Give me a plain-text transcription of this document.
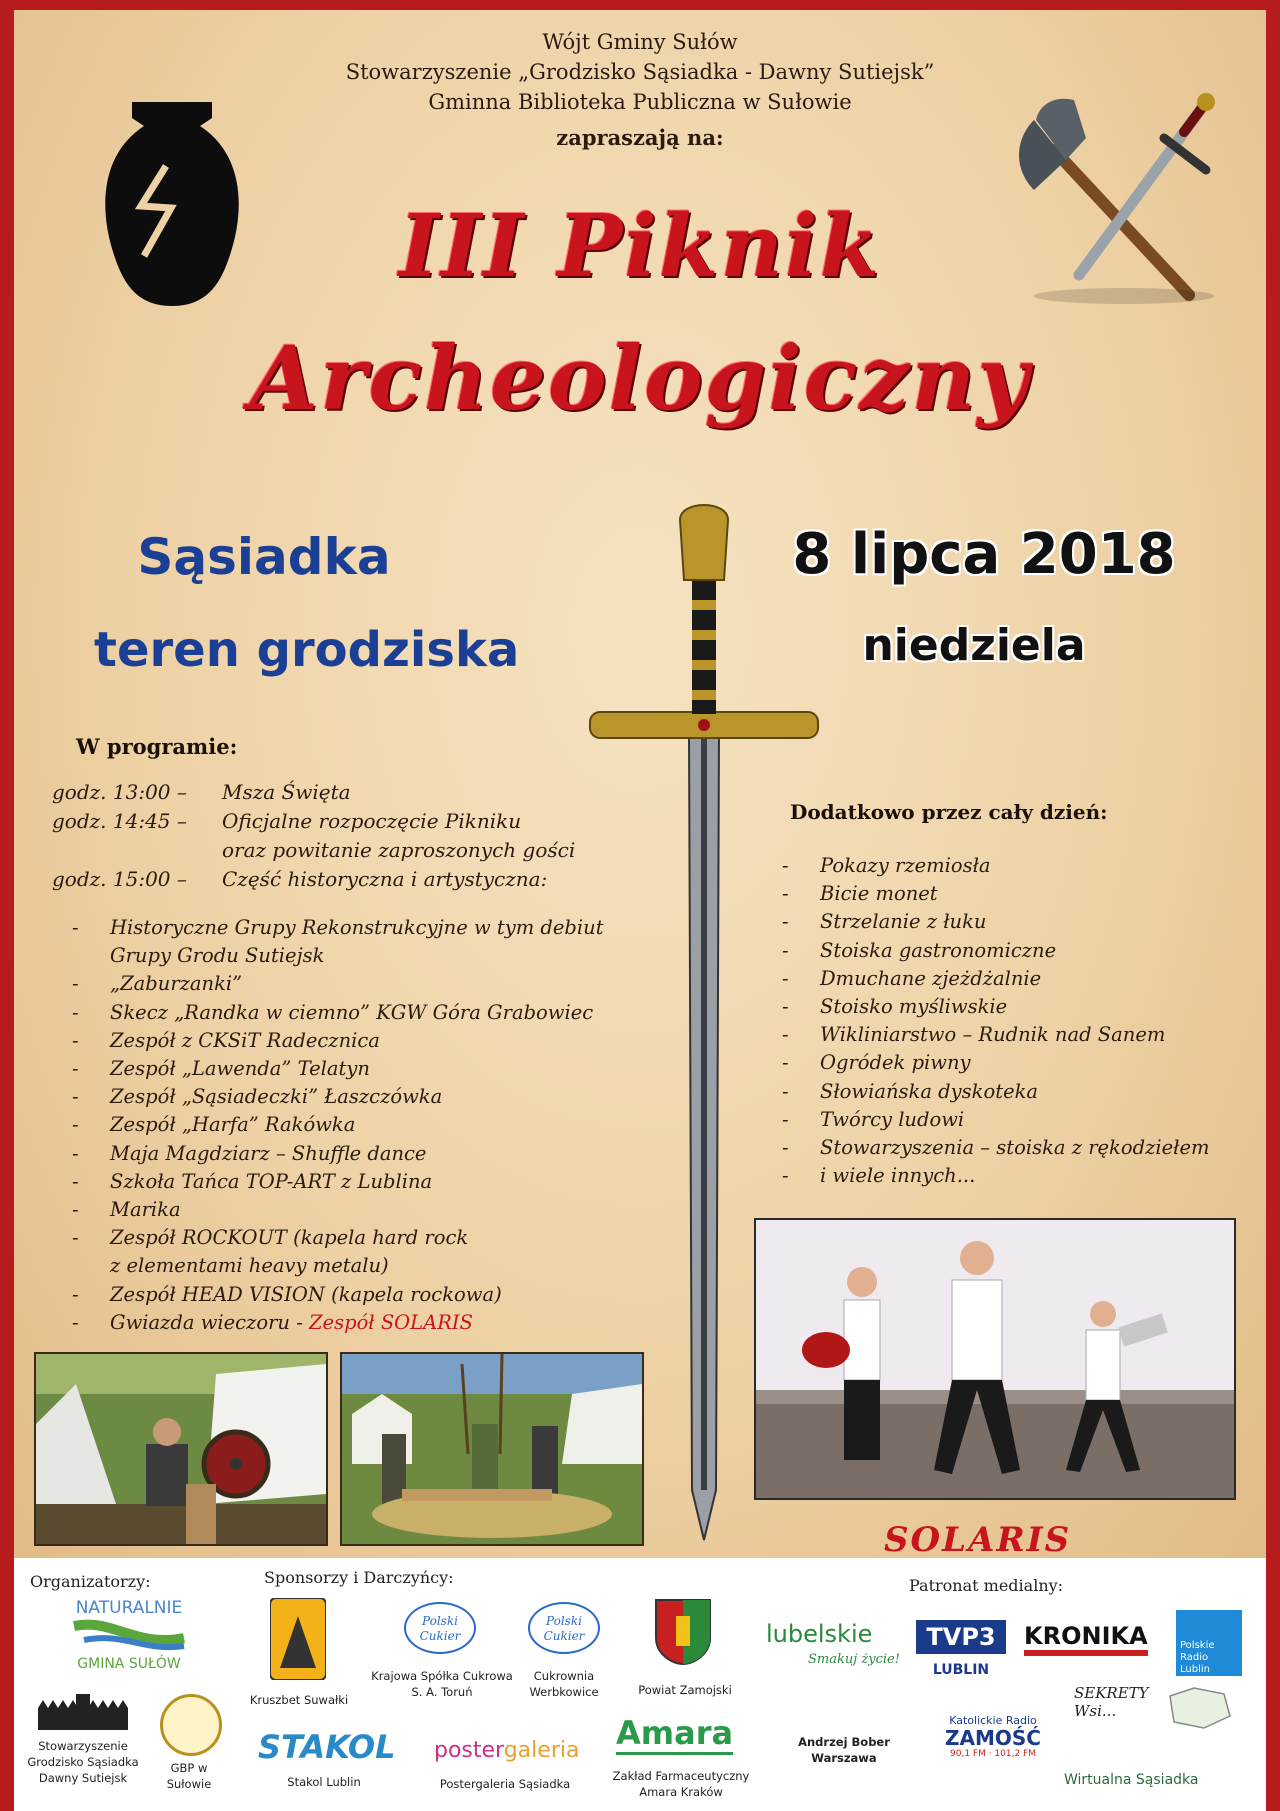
Wójt Gminy Sułów
Stowarzyszenie „Grodzisko Sąsiadka - Dawny Sutiejsk”
Gminna Biblioteka Publiczna w Sułowie
zapraszają na:
III Piknik
Archeologiczny
Sąsiadka
teren grodziska
8 lipca 2018
niedziela
W programie:
godz. 13:00 – Msza Święta
godz. 14:45 – Oficjalne rozpoczęcie Pikniku
oraz powitanie zaproszonych gości
godz. 15:00 – Część historyczna i artystyczna:
- Historyczne Grupy Rekonstrukcyjne w tym debiut
Grupy Grodu Sutiejsk
- „Zaburzanki”
- Skecz „Randka w ciemno” KGW Góra Grabowiec
- Zespół z CKSiT Radecznica
- Zespół „Lawenda” Telatyn
- Zespół „Sąsiadeczki” Łaszczówka
- Zespół „Harfa” Rakówka
- Maja Magdziarz – Shuffle dance
- Szkoła Tańca TOP-ART z Lublina
- Marika
- Zespół ROCKOUT (kapela hard rock
z elementami heavy metalu)
- Zespół HEAD VISION (kapela rockowa)
- Gwiazda wieczoru - Zespół SOLARIS
Dodatkowo przez cały dzień:
- Pokazy rzemiosła
- Bicie monet
- Strzelanie z łuku
- Stoiska gastronomiczne
- Dmuchane zjeżdżalnie
- Stoisko myśliwskie
- Wikliniarstwo – Rudnik nad Sanem
- Ogródek piwny
- Słowiańska dyskoteka
- Twórcy ludowi
- Stowarzyszenia – stoiska z rękodziełem
- i wiele innych...
SOLARIS
Organizatorzy:	Sponsorzy i Darczyńcy:	Patronat medialny:
NATURALNIE
GMINA SUŁÓW
Stowarzyszenie Grodzisko Sąsiadka Dawny Sutiejsk
GBP w Sułowie
Kruszbet Suwałki
STAKOL
Stakol Lublin
Polski Cukier
Krajowa Spółka Cukrowa S. A. Toruń
Polski Cukier
Cukrownia Werbkowice
postergaleria
Postergaleria Sąsiadka
Powiat Zamojski
Amara
Zakład Farmaceutyczny Amara Kraków
lubelskie
Smakuj życie!
Andrzej Bober Warszawa
TVP3
LUBLIN
KRONIKA	Polskie Radio Lublin
Katolickie Radio
ZAMOŚĆ
90,1 FM · 101,2 FM
SEKRETY Wsi...
Wirtualna Sąsiadka
